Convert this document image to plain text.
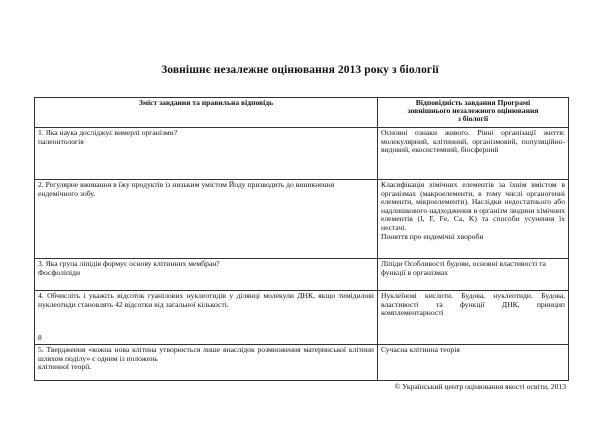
Зовнішнє незалежне оцінювання 2013 року з біології
Зміст завдання та правильна відповідь	Відповідність завдання Програмі
зовнішнього незалежного оцінювання
з біології

1. Яка наука досліджує вимерлі організми?
палеонтологія	Основні ознаки живого. Рівні організації життя: молекулярний, клітинний, організмовий, популяційно-видовий, екосистемний, біосферний

2. Регулярне вживання в їжу продуктів із низьким умістом Йоду призводить до виникнення
ендемічного зобу.	Класифікація хімічних елементів за їхнім вмістом в організмах (макроелементи, в тому числі органогенні елементи, мікроелементи). Наслідки недостатнього або надлишкового надходження в організм людини хімічних елементів (I, F, Fe, Ca, K) та способи усунення їх нестачі.
Поняття про ендемічні хвороби

3. Яка група ліпідів формує основу клітинних мембран?
Фосфоліпіди	Ліпіди Особливості будови, основні властивості та функції в організмах

4. Обчисліть і укажіть відсоток гуанілових нуклеотидів у ділянці молекули ДНК, якщо тимідилові нуклеотиди становлять 42 відсотки від загальної кількості.
8	Нуклеїнові кислоти. Будова, нуклеотиди. Будова, властивості та функції ДНК, принцип комплементарності

5. Твердження «кожна нова клітина утворюється лише внаслідок розмноження материнської клітини шляхом поділу» є одним із положень
клітинної теорії.	Сучасна клітинна теорія
© Український центр оцінювання якості освіти, 2013
